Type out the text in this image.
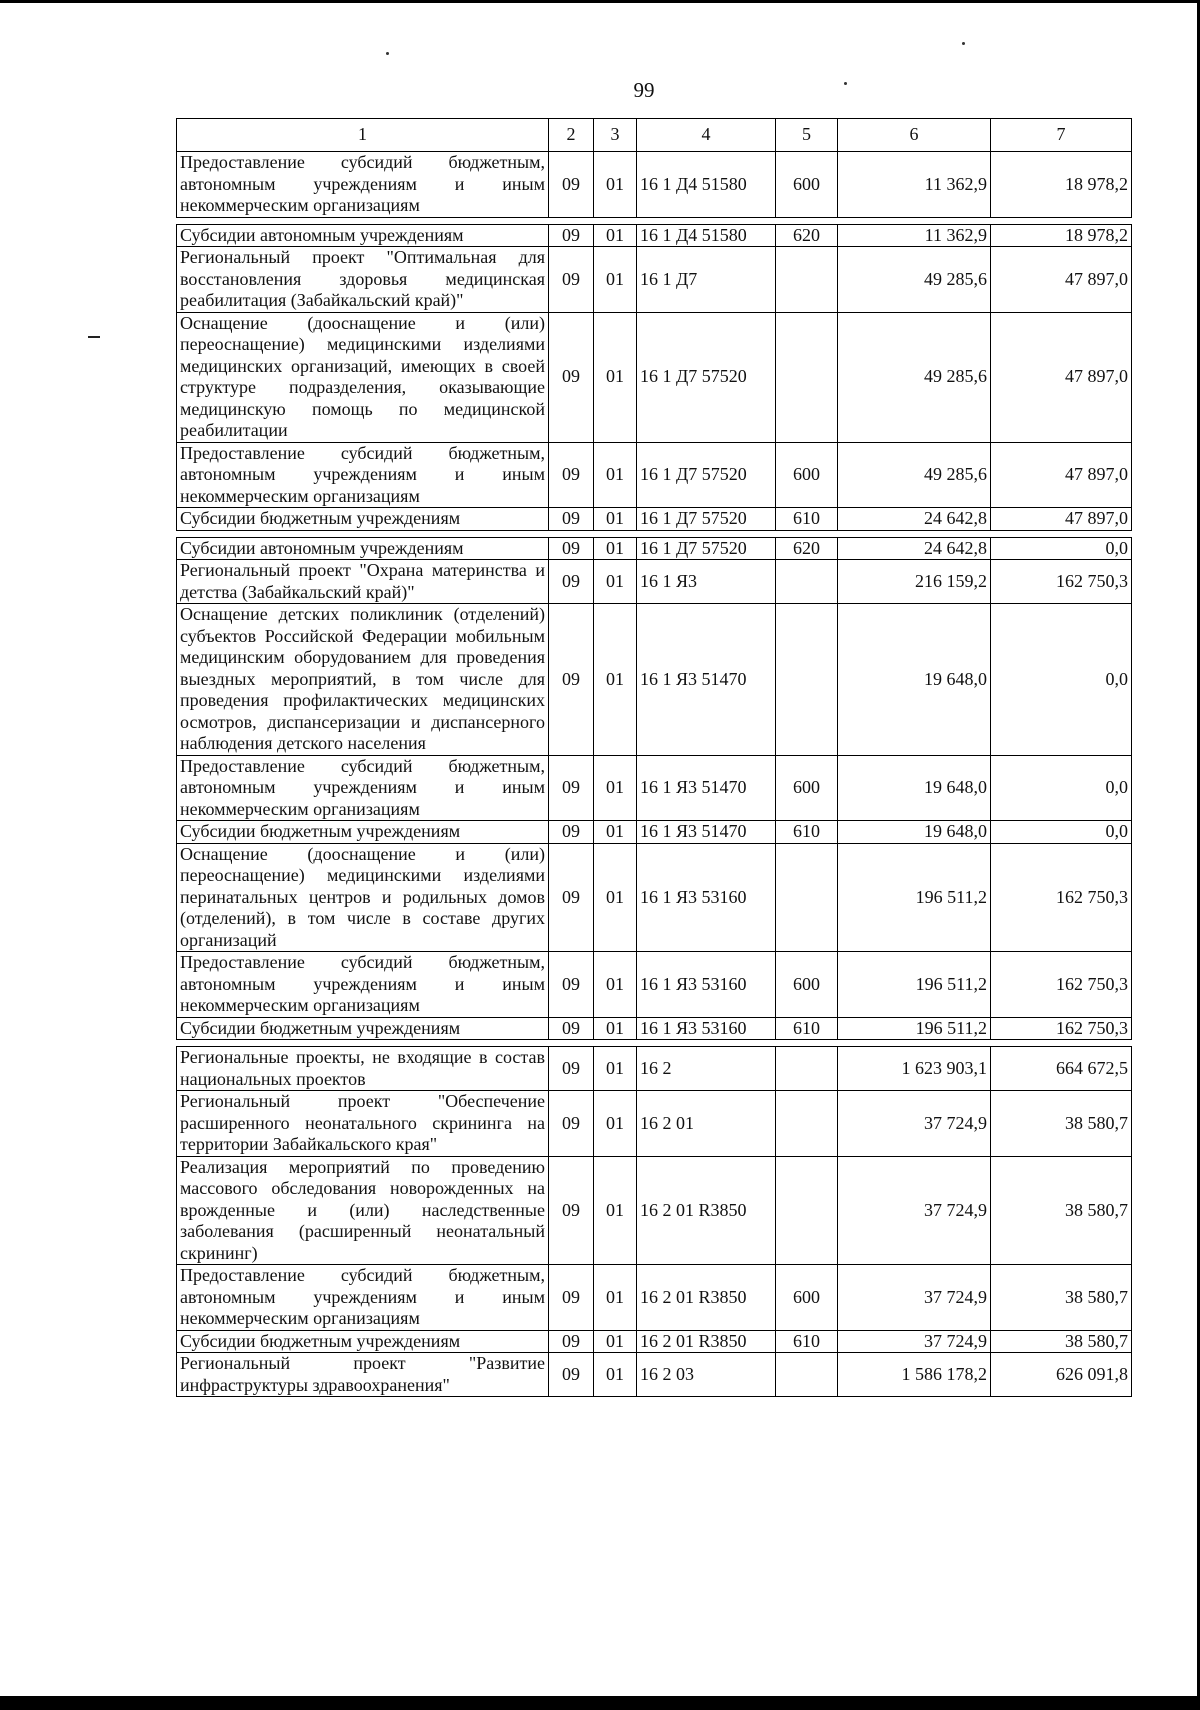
99
1	2	3	4	5	6	7
Предоставление субсидий бюджетным, автономным учреждениям и иным некоммерческим организациям	09	01	16 1 Д4 51580	600	11 362,9	18 978,2

Субсидии автономным учреждениям	09	01	16 1 Д4 51580	620	11 362,9	18 978,2
Региональный проект "Оптимальная для восстановления здоровья медицинская реабилитация (Забайкальский край)"	09	01	16 1 Д7		49 285,6	47 897,0
Оснащение (дооснащение и (или) переоснащение) медицинскими изделиями медицинских организаций, имеющих в своей структуре подразделения, оказывающие медицинскую помощь по медицинской реабилитации	09	01	16 1 Д7 57520		49 285,6	47 897,0
Предоставление субсидий бюджетным, автономным учреждениям и иным некоммерческим организациям	09	01	16 1 Д7 57520	600	49 285,6	47 897,0
Субсидии бюджетным учреждениям	09	01	16 1 Д7 57520	610	24 642,8	47 897,0

Субсидии автономным учреждениям	09	01	16 1 Д7 57520	620	24 642,8	0,0
Региональный проект "Охрана материнства и детства (Забайкальский край)"	09	01	16 1 Я3		216 159,2	162 750,3
Оснащение детских поликлиник (отделений) субъектов Российской Федерации мобильным медицинским оборудованием для проведения выездных мероприятий, в том числе для проведения профилактических медицинских осмотров, диспансеризации и диспансерного наблюдения детского населения	09	01	16 1 Я3 51470		19 648,0	0,0
Предоставление субсидий бюджетным, автономным учреждениям и иным некоммерческим организациям	09	01	16 1 Я3 51470	600	19 648,0	0,0
Субсидии бюджетным учреждениям	09	01	16 1 Я3 51470	610	19 648,0	0,0
Оснащение (дооснащение и (или) переоснащение) медицинскими изделиями перинатальных центров и родильных домов (отделений), в том числе в составе других организаций	09	01	16 1 Я3 53160		196 511,2	162 750,3
Предоставление субсидий бюджетным, автономным учреждениям и иным некоммерческим организациям	09	01	16 1 Я3 53160	600	196 511,2	162 750,3
Субсидии бюджетным учреждениям	09	01	16 1 Я3 53160	610	196 511,2	162 750,3

Региональные проекты, не входящие в состав национальных проектов	09	01	16 2		1 623 903,1	664 672,5
Региональный проект "Обеспечение расширенного неонатального скрининга на территории Забайкальского края"	09	01	16 2 01		37 724,9	38 580,7
Реализация мероприятий по проведению массового обследования новорожденных на врожденные и (или) наследственные заболевания (расширенный неонатальный скрининг)	09	01	16 2 01 R3850		37 724,9	38 580,7
Предоставление субсидий бюджетным, автономным учреждениям и иным некоммерческим организациям	09	01	16 2 01 R3850	600	37 724,9	38 580,7
Субсидии бюджетным учреждениям	09	01	16 2 01 R3850	610	37 724,9	38 580,7
Региональный проект "Развитие инфраструктуры здравоохранения"	09	01	16 2 03		1 586 178,2	626 091,8
